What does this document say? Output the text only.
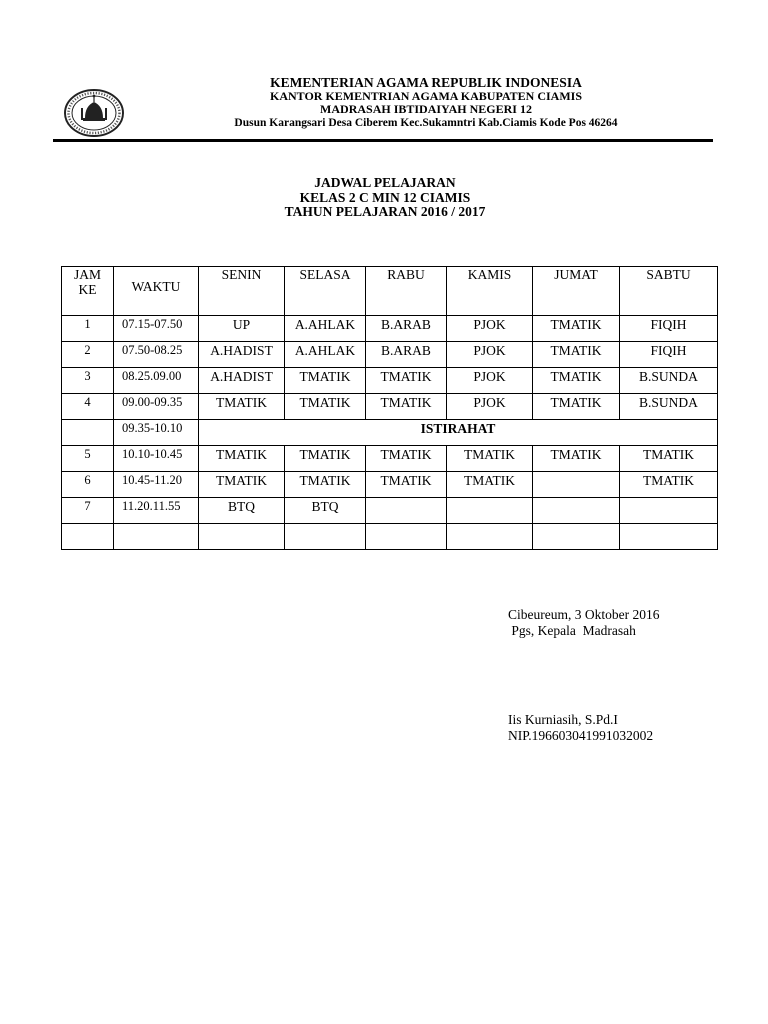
KEMENTERIAN AGAMA REPUBLIK INDONESIA
KANTOR KEMENTRIAN AGAMA KABUPATEN CIAMIS
MADRASAH IBTIDAIYAH NEGERI 12
Dusun Karangsari Desa Ciberem Kec.Sukamntri Kab.Ciamis Kode Pos 46264
JADWAL PELAJARAN
KELAS 2 C MIN 12 CIAMIS
TAHUN PELAJARAN 2016 / 2017
JAM
KE	WAKTU	SENIN	SELASA	RABU	KAMIS	JUMAT	SABTU
1	07.15-07.50	UP	A.AHLAK	B.ARAB	PJOK	TMATIK	FIQIH
2	07.50-08.25	A.HADIST	A.AHLAK	B.ARAB	PJOK	TMATIK	FIQIH
3	08.25.09.00	A.HADIST	TMATIK	TMATIK	PJOK	TMATIK	B.SUNDA
4	09.00-09.35	TMATIK	TMATIK	TMATIK	PJOK	TMATIK	B.SUNDA
	09.35-10.10	ISTIRAHAT					
5	10.10-10.45	TMATIK	TMATIK	TMATIK	TMATIK	TMATIK	TMATIK
6	10.45-11.20	TMATIK	TMATIK	TMATIK	TMATIK		TMATIK
7	11.20.11.55	BTQ	BTQ				

Cibeureum, 3 Oktober 2016
Pgs, Kepala  Madrasah
Iis Kurniasih, S.Pd.I
NIP.196603041991032002
